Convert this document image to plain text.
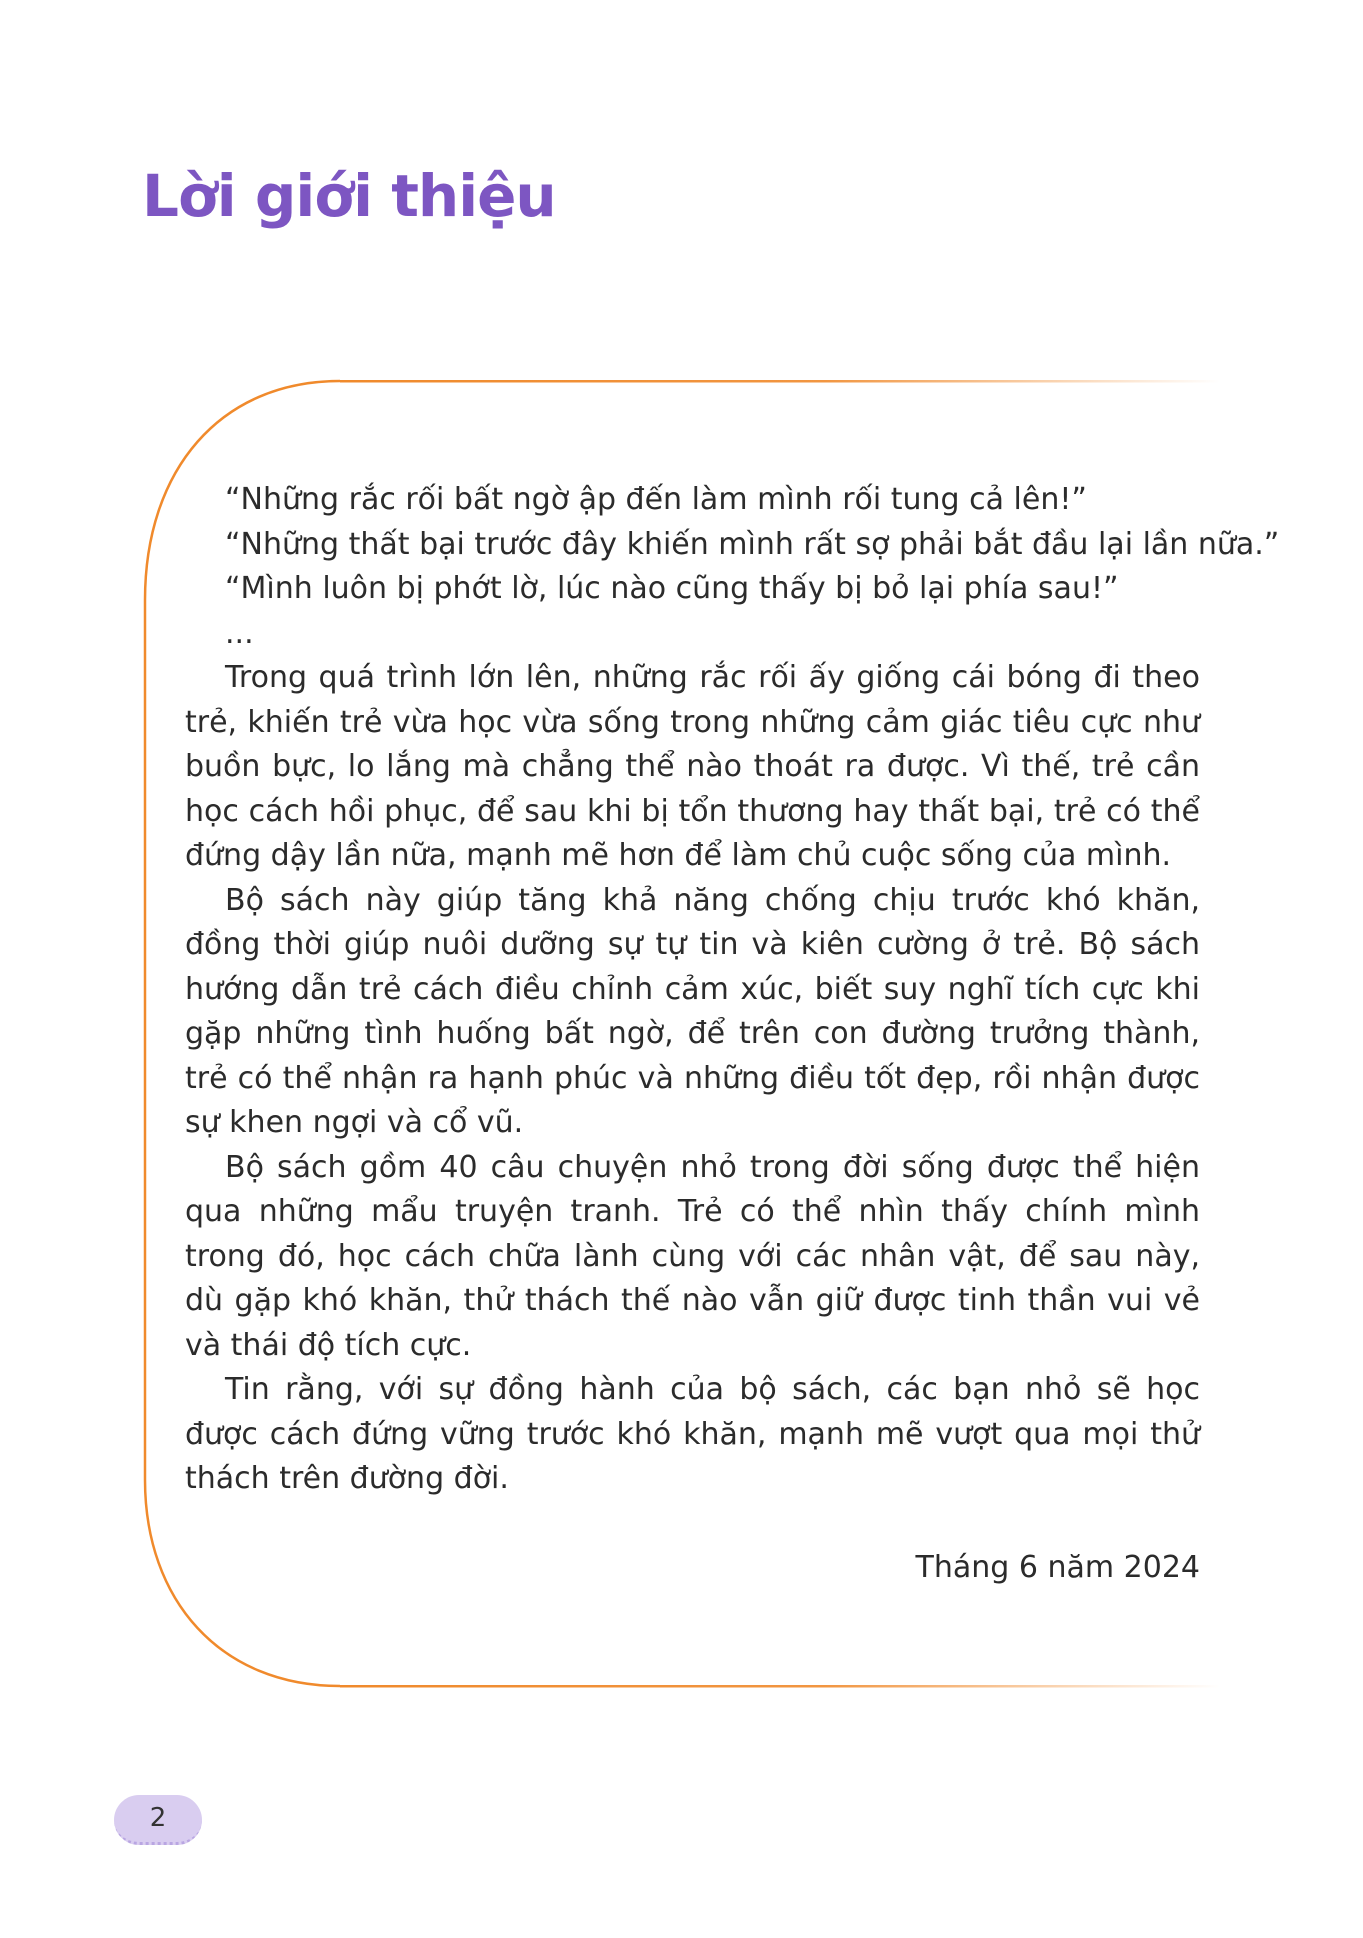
Lời giới thiệu

“Những rắc rối bất ngờ ập đến làm mình rối tung cả lên!”

“Những thất bại trước đây khiến mình rất sợ phải bắt đầu lại lần nữa.”

“Mình luôn bị phớt lờ, lúc nào cũng thấy bị bỏ lại phía sau!”

...

Trong quá trình lớn lên, những rắc rối ấy giống cái bóng đi theo trẻ, khiến trẻ vừa học vừa sống trong những cảm giác tiêu cực như buồn bực, lo lắng mà chẳng thể nào thoát ra được. Vì thế, trẻ cần học cách hồi phục, để sau khi bị tổn thương hay thất bại, trẻ có thể đứng dậy lần nữa, mạnh mẽ hơn để làm chủ cuộc sống của mình.

Bộ sách này giúp tăng khả năng chống chịu trước khó khăn, đồng thời giúp nuôi dưỡng sự tự tin và kiên cường ở trẻ. Bộ sách hướng dẫn trẻ cách điều chỉnh cảm xúc, biết suy nghĩ tích cực khi gặp những tình huống bất ngờ, để trên con đường trưởng thành, trẻ có thể nhận ra hạnh phúc và những điều tốt đẹp, rồi nhận được sự khen ngợi và cổ vũ.

Bộ sách gồm 40 câu chuyện nhỏ trong đời sống được thể hiện qua những mẩu truyện tranh. Trẻ có thể nhìn thấy chính mình trong đó, học cách chữa lành cùng với các nhân vật, để sau này, dù gặp khó khăn, thử thách thế nào vẫn giữ được tinh thần vui vẻ và thái độ tích cực.

Tin rằng, với sự đồng hành của bộ sách, các bạn nhỏ sẽ học được cách đứng vững trước khó khăn, mạnh mẽ vượt qua mọi thử thách trên đường đời.

Tháng 6 năm 2024
2
